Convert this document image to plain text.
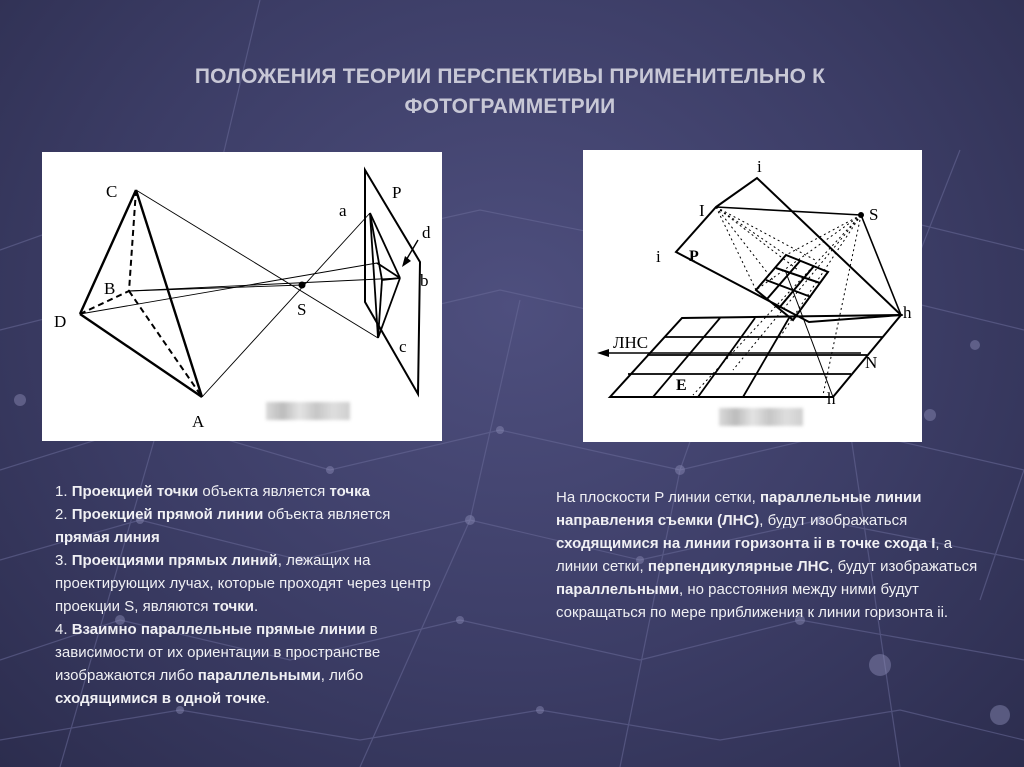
ПОЛОЖЕНИЯ ТЕОРИИ ПЕРСПЕКТИВЫ ПРИМЕНИТЕЛЬНО К
ФОТОГРАММЕТРИИ
C
B
D
A
S
a
P
d
b
c
i
I	S
i P
h
ЛНС
N
E
h

1. Проекцией точки объекта является точка

2. Проекцией прямой линии объекта является прямая линия

3. Проекциями прямых линий, лежащих на проектирующих лучах, которые проходят через центр проекции S, являются точки.

4. Взаимно параллельные прямые линии в зависимости от их ориентации в пространстве изображаются либо параллельными, либо сходящимися в одной точке.

На плоскости P линии сетки, параллельные линии направления съемки (ЛНС), будут изображаться сходящимися на линии горизонта ii в точке схода I, а линии сетки, перпендикулярные ЛНС, будут изображаться параллельными, но расстояния между ними будут сокращаться по мере приближения к линии горизонта ii.
